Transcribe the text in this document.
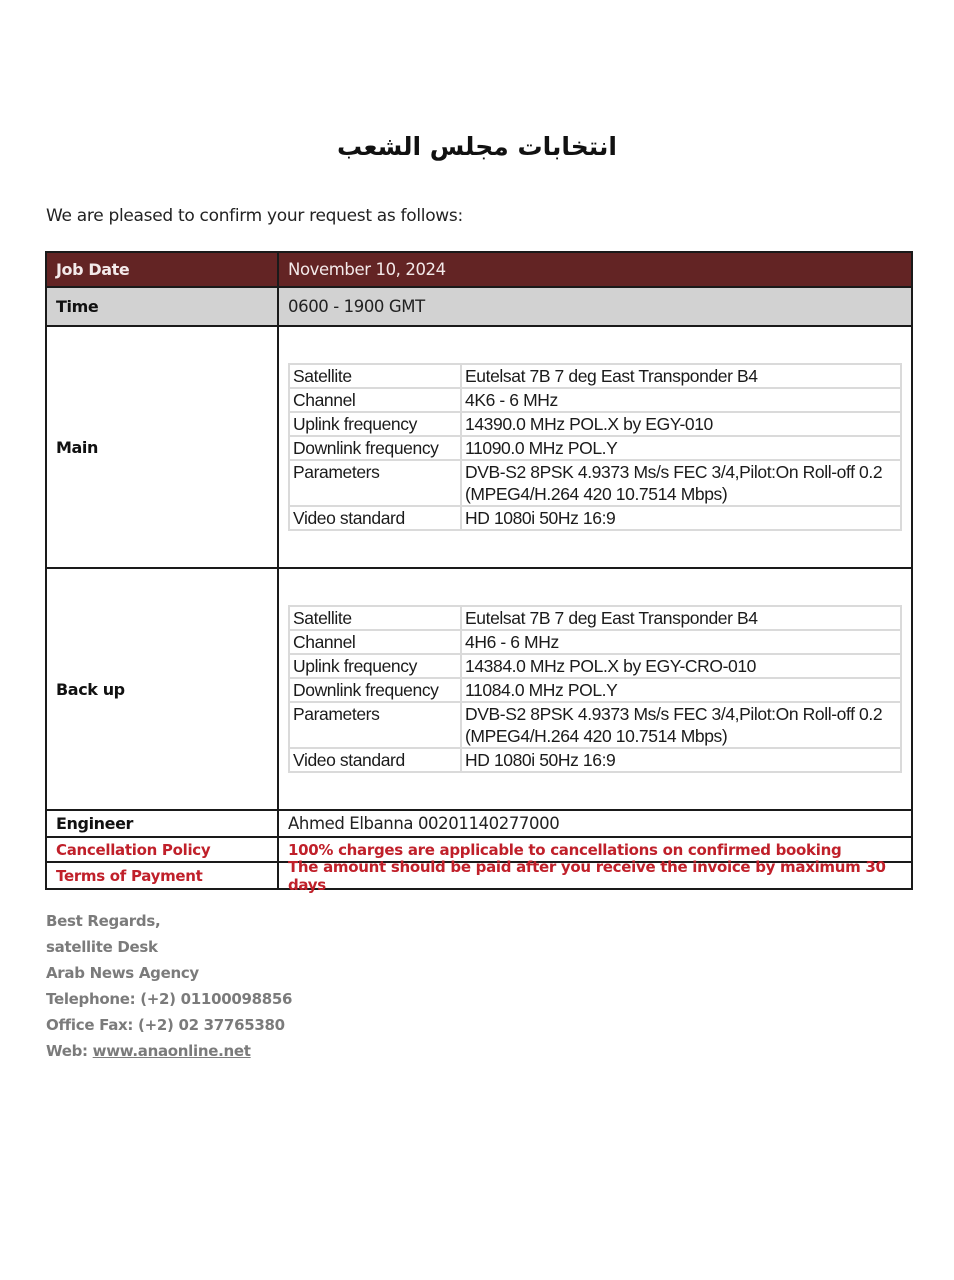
انتخابات مجلس الشعب
We are pleased to confirm your request as follows:
Job Date	November 10, 2024
Time	0600 - 1900 GMT
Main
Satellite	Eutelsat 7B 7 deg East Transponder B4
Channel	4K6 - 6 MHz
Uplink frequency	14390.0 MHz POL.X by EGY-010
Downlink frequency	11090.0 MHz POL.Y
Parameters	DVB-S2 8PSK 4.9373 Ms/s FEC 3/4,Pilot:On Roll-off 0.2 (MPEG4/H.264 420 10.7514 Mbps)
Video standard	HD 1080i 50Hz 16:9
Back up
Satellite	Eutelsat 7B 7 deg East Transponder B4
Channel	4H6 - 6 MHz
Uplink frequency	14384.0 MHz POL.X by EGY-CRO-010
Downlink frequency	11084.0 MHz POL.Y
Parameters	DVB-S2 8PSK 4.9373 Ms/s FEC 3/4,Pilot:On Roll-off 0.2 (MPEG4/H.264 420 10.7514 Mbps)
Video standard	HD 1080i 50Hz 16:9
Engineer	Ahmed Elbanna 00201140277000
Cancellation Policy	100% charges are applicable to cancellations on confirmed booking
Terms of Payment	The amount should be paid after you receive the invoice by maximum 30 days
Best Regards,
satellite Desk
Arab News Agency
Telephone: (+2) 01100098856
Office Fax: (+2) 02 37765380
Web: www.anaonline.net
